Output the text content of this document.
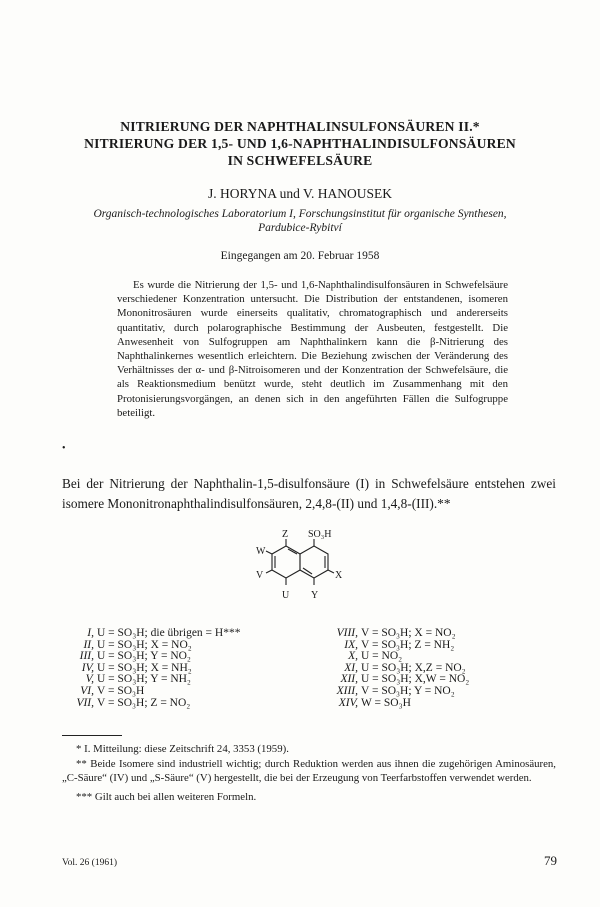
NITRIERUNG DER NAPHTHALINSULFONSÄUREN II.*
NITRIERUNG DER 1,5- UND 1,6-NAPHTHALINDISULFONSÄUREN
IN SCHWEFELSÄURE
J. HORYNA und V. HANOUSEK
Organisch-technologisches Laboratorium I, Forschungsinstitut für organische Synthesen,
Pardubice-Rybitví
Eingegangen am 20. Februar 1958
Es wurde die Nitrierung der 1,5- und 1,6-Naphthalindisulfonsäuren in Schwefelsäure verschiedener Konzentration untersucht. Die Distribution der entstandenen, isomeren Mononitrosäuren wurde einerseits qualitativ, chromatographisch und andererseits quantitativ, durch polarographische Bestimmung der Ausbeuten, festgestellt. Die Anwesenheit von Sulfogruppen am Naphthalinkern kann die β-Nitrierung des Naphthalinkernes wesentlich erleichtern. Die Beziehung zwischen der Veränderung des Verhältnisses der α- und β-Nitroisomeren und der Konzentration der Schwefelsäure, die als Reaktionsmedium benützt wurde, steht deutlich im Zusammenhang mit den Protonisierungsvorgängen, an denen sich in den angeführten Fällen die Sulfogruppe beteiligt.
•
Bei der Nitrierung der Naphthalin-1,5-disulfonsäure (I) in Schwefelsäure entstehen zwei isomere Mononitronaphthalindisulfonsäuren, 2,4,8-(II) und 1,4,8-(III).**
Z SO₃H
W
V	X
U Y
I, U = SO₃H; die übrigen = H***
II, U = SO₃H; X = NO₂
III, U = SO₃H; Y = NO₂
IV, U = SO₃H; X = NH₂
V, U = SO₃H; Y = NH₂
VI, V = SO₃H
VII, V = SO₃H; Z = NO₂
VIII, V = SO₃H; X = NO₂
IX, V = SO₃H; Z = NH₂
X, U = NO₂
XI, U = SO₃H; X,Z = NO₂
XII, U = SO₃H; X,W = NO₂
XIII, V = SO₃H; Y = NO₂
XIV, W = SO₃H

* I. Mitteilung: diese Zeitschrift 24, 3353 (1959).

** Beide Isomere sind industriell wichtig; durch Reduktion werden aus ihnen die zugehörigen Aminosäuren, „C-Säure“ (IV) und „S-Säure“ (V) hergestellt, die bei der Erzeugung von Teerfarbstoffen verwendet werden.

*** Gilt auch bei allen weiteren Formeln.

Vol. 26 (1961)	79
